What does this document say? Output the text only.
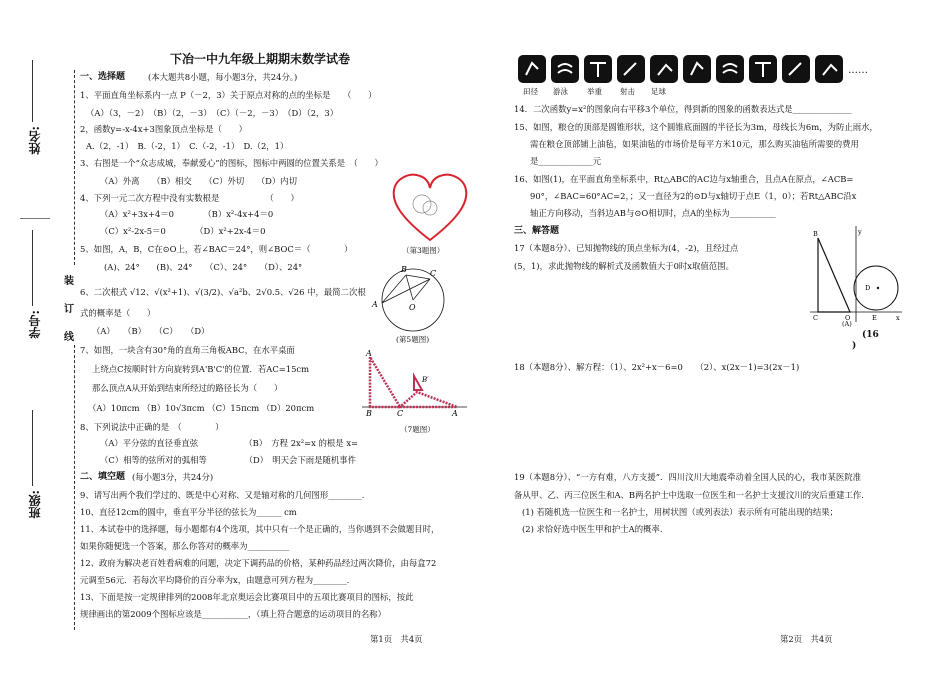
姓名:
学号:
班级:
装
订
线
下冶一中九年级上期期末数学试卷
一、选择题	(本大题共8小题，每小题3分，共24分。)
1、平面直角坐标系内一点 P（－2，3）关于原点对称的点的坐标是　　（　　）
（A）（3，－2）　（B）（2，－3）　（C）（－2，－3）　（D）（2，3）
2，函数y=-x-4x+3图象顶点坐标是（　　）
A.（2，-1）　B.（-2，1）　C.（-2，-1）　D.（2，1）
3、右图是一个“众志成城，奉献爱心”的图标，图标中两圆的位置关系是　（　　）
（A）外离　　（B）相交　　（C）外切　　（D）内切
4、下列一元二次方程中没有实数根是　　　　　　（　　）
（A）x²+3x+4＝0　　　　（B）x²-4x+4＝0
（C）x²-2x-5＝0　　　　（D）x²+2x-4＝0
5、如图，A，B，C在⊙O上，若∠BAC＝24°，则∠BOC＝（　　　　）
(A)、24°　　(B)、24°　　（C）、24°　　（D）、24°
6、二次根式 √12、√(x²+1)、√(3/2)、√a²b、2√0.5、√26 中，最简二次根
式的概率是（　　）
（A）　　（B）　　（C）　　（D）
7、如图，一块含有30°角的直角三角板ABC，在水平桌面
上绕点C按顺时针方向旋转到A'B'C'的位置．若AC=15cm
那么顶点A从开始到结束所经过的路径长为（　　）
（A）10πcm （B）10√3πcm （C）15πcm （D）20πcm
8、下列说法中正确的是　（　　　　）
（A）平分弦的直径垂直弦　　　　　　（B）　方程 2x²=x 的根是 x=
（C）相等的弦所对的弧相等　　　　　（D）　明天会下雨是随机事件
二、填空题 (每小题3分，共24分)
9、请写出两个我们学过的、既是中心对称、又是轴对称的几何图形________.
10、直径12cm的圆中，垂直平分半径的弦长为______ cm
11、本试卷中的选择题，每小题都有4个选项，其中只有一个是正确的，当你遇到不会做题目时，
如果你随便选一个答案，那么你答对的概率为__________
12、政府为解决老百姓看病难的问题，决定下调药品的价格，某种药品经过两次降价，由每盒72
元调至56元．若每次平均降价的百分率为x，由题意可列方程为________.
13、下面是按一定规律排列的2008年北京奥运会比赛项目中的五项比赛项目的图标，按此
规律画出的第2009个图标应该是___________，（填上符合题意的运动项目的名称）
（第3题图）
A
B	C
O
(第5题图)
A
B	C	A
B′
（7题图）
第1页　共4页
……
田径 游泳	举重 射击 足球
14．二次函数y=x²的图象向右平移3个单位，得到新的图象的函数表达式是______________
15、如图，粮仓的顶部是圆锥形状，这个圆锥底面圆的半径长为3m，母线长为6m，为防止雨水，
需在粮仓顶部铺上油毡，如果油毡的市场价是每平方米10元，那么购买油毡所需要的费用
是_____________元
16、如图(1)，在平面直角坐标系中，Rt△ABC的AC边与x轴重合，且点A在原点，∠ACB=
90°，∠BAC=60°AC=2，；又一直径为2的⊙D与x轴切于点E（1，0）；若Rt△ABC沿x
轴正方向移动，当斜边AB与⊙O相切时，点A的坐标为___________
三、解答题
17（本题8分）、已知抛物线的顶点坐标为(4，-2)，且经过点
(5，1)，求此抛物线的解析式及函数值大于0时x取值范围。
B
C	O
D
E	x
y
(A)
(16
)
18（本题8分）、解方程：（1）、2x²+x－6=0　　（2）、x(2x－1)=3(2x－1)
19（本题8分）、“一方有难，八方支援”．四川汶川大地震牵动着全国人民的心，我市某医院准
备从甲、乙、丙三位医生和A、B两名护士中选取一位医生和一名护士支援汶川的灾后重建工作.
(1) 若随机选一位医生和一名护士，用树状图（或列表法）表示所有可能出现的结果；
(2) 求恰好选中医生甲和护士A的概率.
第2页　共4页
